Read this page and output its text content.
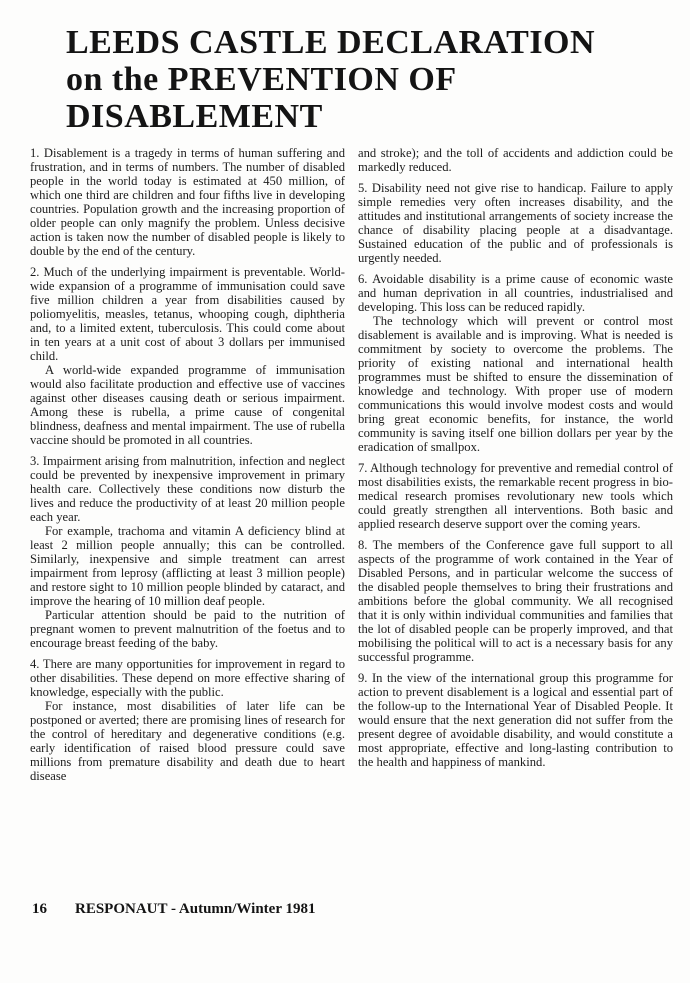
LEEDS CASTLE DECLARATION
on the PREVENTION OF
DISABLEMENT

1. Disablement is a tragedy in terms of human suffering and frustration, and in terms of numbers. The number of disabled people in the world today is estimated at 450 million, of which one third are children and four fifths live in developing countries. Population growth and the increasing proportion of older people can only magnify the problem. Unless decisive action is taken now the number of disabled people is likely to double by the end of the century.

2. Much of the underlying impairment is preventable. World-wide expansion of a programme of immunisation could save five million children a year from disabilities caused by poliomyelitis, measles, tetanus, whooping cough, diphtheria and, to a limited extent, tuberculosis. This could come about in ten years at a unit cost of about 3 dollars per immunised child.

A world-wide expanded programme of immunisation would also facilitate production and effective use of vaccines against other diseases causing death or serious impairment. Among these is rubella, a prime cause of congenital blindness, deafness and mental impairment. The use of rubella vaccine should be promoted in all countries.

3. Impairment arising from malnutrition, infection and neglect could be prevented by inexpensive improvement in primary health care. Collectively these conditions now disturb the lives and reduce the productivity of at least 20 million people each year.

For example, trachoma and vitamin A deficiency blind at least 2 million people annually; this can be controlled. Similarly, inexpensive and simple treatment can arrest impairment from leprosy (afflicting at least 3 million people) and restore sight to 10 million people blinded by cataract, and improve the hearing of 10 million deaf people.

Particular attention should be paid to the nutrition of pregnant women to prevent malnutrition of the foetus and to encourage breast feeding of the baby.

4. There are many opportunities for improvement in regard to other disabilities. These depend on more effective sharing of knowledge, especially with the public.

For instance, most disabilities of later life can be postponed or averted; there are promising lines of research for the control of hereditary and degenerative conditions (e.g. early identification of raised blood pressure could save millions from premature disability and death due to heart disease

and stroke); and the toll of accidents and addiction could be markedly reduced.

5. Disability need not give rise to handicap. Failure to apply simple remedies very often increases disability, and the attitudes and institutional arrangements of society increase the chance of disability placing people at a disadvantage. Sustained education of the public and of professionals is urgently needed.

6. Avoidable disability is a prime cause of economic waste and human deprivation in all countries, industrialised and developing. This loss can be reduced rapidly.

The technology which will prevent or control most disablement is available and is improving. What is needed is commitment by society to overcome the problems. The priority of existing national and international health programmes must be shifted to ensure the dissemination of knowledge and technology. With proper use of modern communications this would involve modest costs and would bring great economic benefits, for instance, the world community is saving itself one billion dollars per year by the eradication of smallpox.

7. Although technology for preventive and remedial control of most disabilities exists, the remarkable recent progress in bio-medical research promises revolutionary new tools which could greatly strengthen all interventions. Both basic and applied research deserve support over the coming years.

8. The members of the Conference gave full support to all aspects of the programme of work contained in the Year of Disabled Persons, and in particular welcome the success of the disabled people themselves to bring their frustrations and ambitions before the global community. We all recognised that it is only within individual communities and families that the lot of disabled people can be properly improved, and that mobilising the political will to act is a necessary basis for any successful programme.

9. In the view of the international group this programme for action to prevent disablement is a logical and essential part of the follow-up to the International Year of Disabled People. It would ensure that the next generation did not suffer from the present degree of avoidable disability, and would constitute a most appropriate, effective and long-lasting contribution to the health and happiness of mankind.

16 RESPONAUT - Autumn/Winter 1981
